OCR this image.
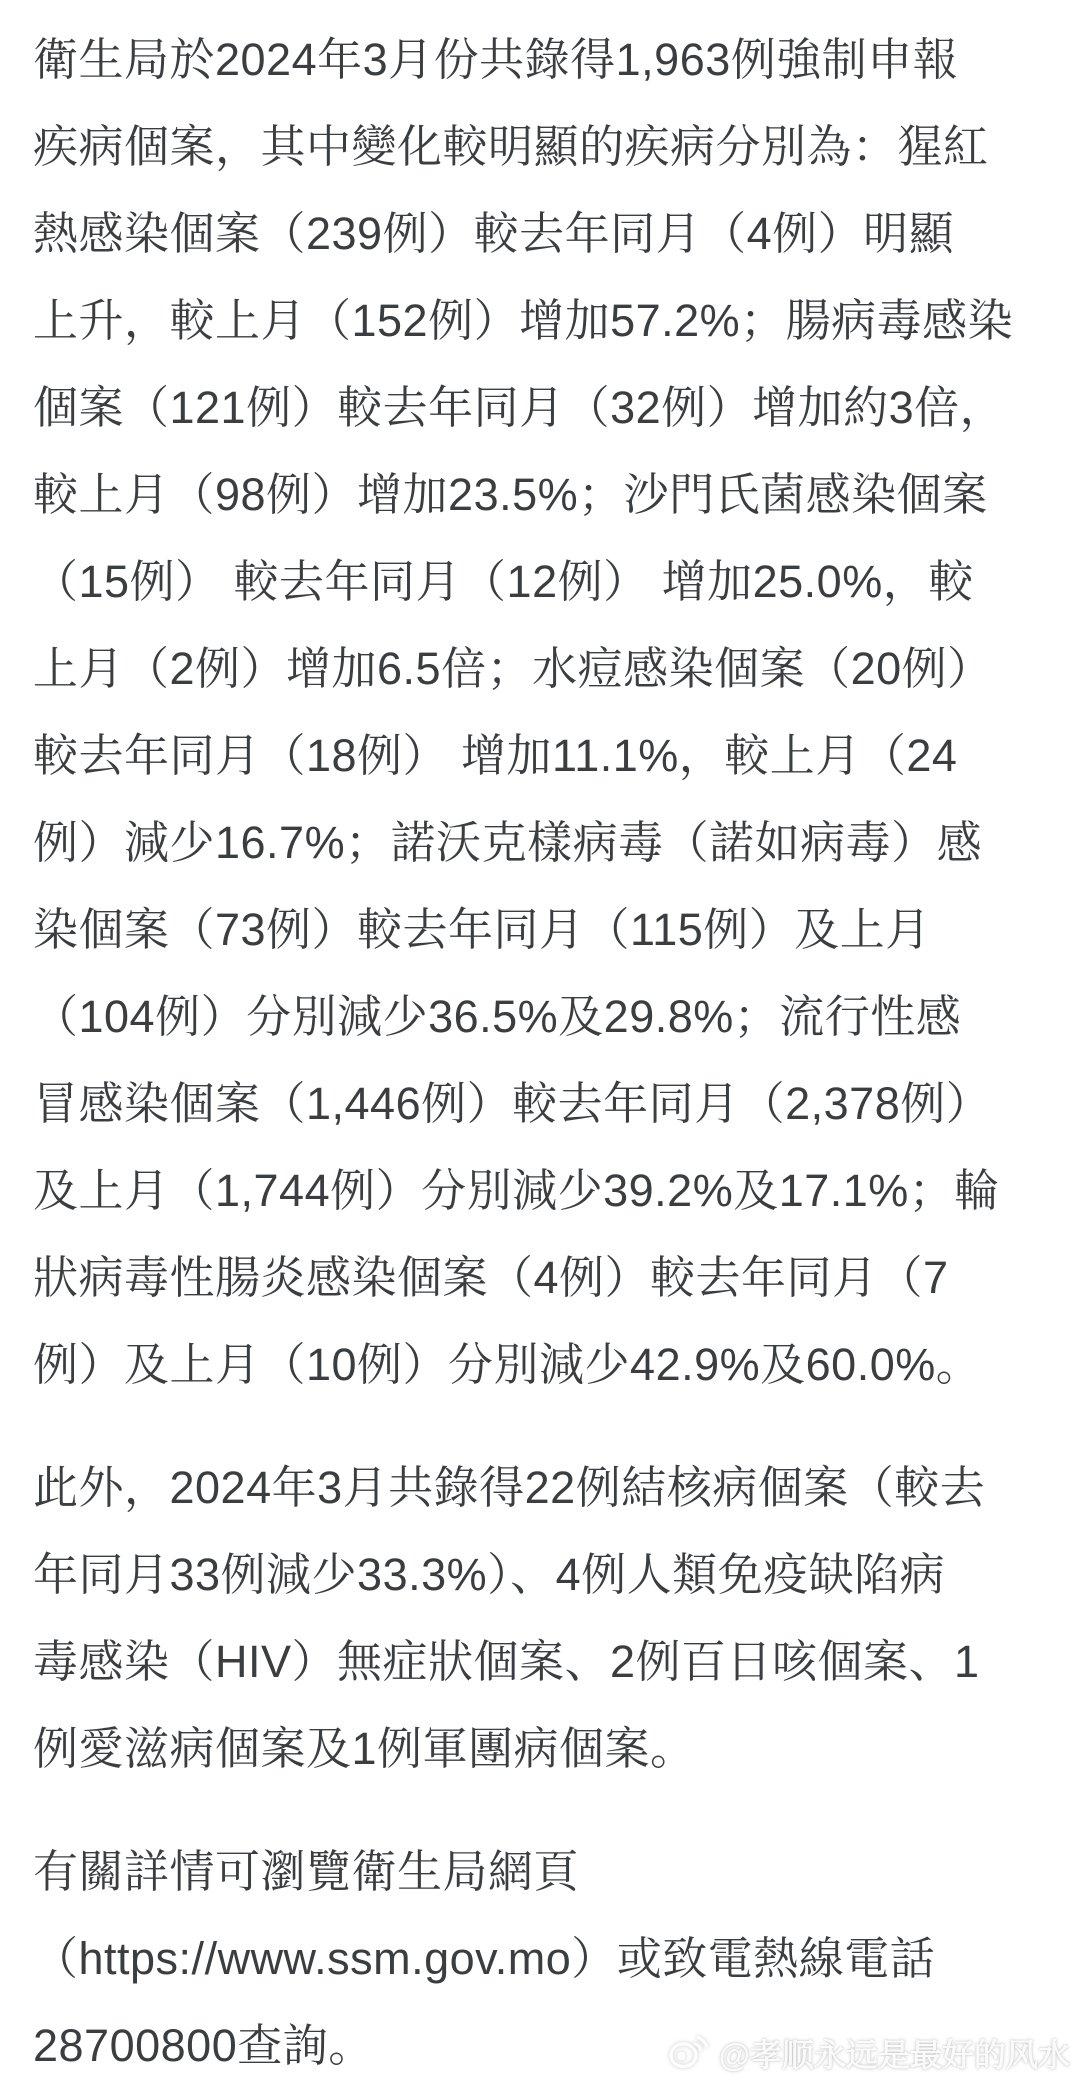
衛生局於2024年3月份共錄得1,963例強制申報
疾病個案，其中變化較明顯的疾病分別為：猩紅
熱感染個案（239例）較去年同月（4例）明顯
上升，較上月（152例）增加57.2%；腸病毒感染
個案（121例）較去年同月（32例）增加約3倍，
較上月（98例）增加23.5%；沙門氏菌感染個案
（15例） 較去年同月（12例） 增加25.0%，較
上月（2例）增加6.5倍；水痘感染個案（20例）
較去年同月（18例） 增加11.1%，較上月（24
例）減少16.7%；諾沃克樣病毒（諾如病毒）感
染個案（73例）較去年同月（115例）及上月
（104例）分別減少36.5%及29.8%；流行性感
冒感染個案（1,446例）較去年同月（2,378例）
及上月（1,744例）分別減少39.2%及17.1%；輪
狀病毒性腸炎感染個案（4例）較去年同月（7
例）及上月（10例）分別減少42.9%及60.0%。
此外，2024年3月共錄得22例結核病個案（較去
年同月33例減少33.3%）、4例人類免疫缺陷病
毒感染（HIV）無症狀個案、2例百日咳個案、1
例愛滋病個案及1例軍團病個案。
有關詳情可瀏覽衛生局網頁
（https://www.ssm.gov.mo）或致電熱線電話
28700800查詢。	@孝顺永远是最好的风水
